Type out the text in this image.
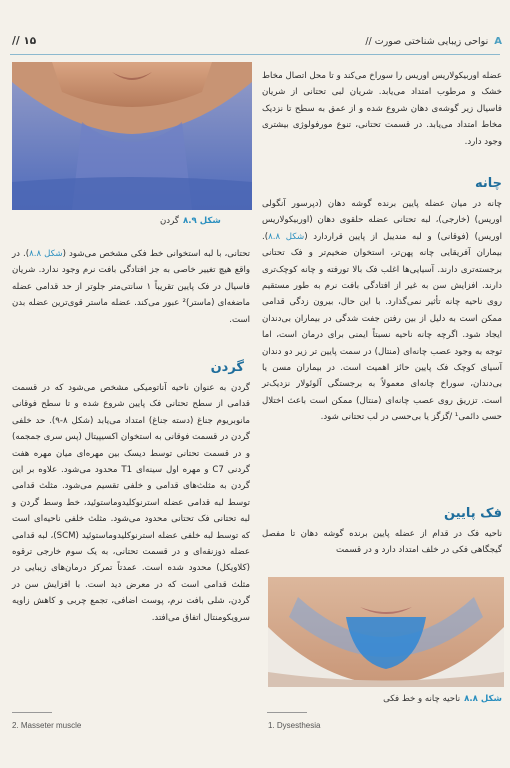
A نواحی زیبایی شناختی صورت //
۱۵ //
شکل ۸.۹گردن

تحتانی، با لبه استخوانی خط فکی مشخص می‌شود (شکل ۸.۸). در واقع هیچ تغییر خاصی به جز افتادگی بافت نرم وجود ندارد. شریان فاسیال در فک پایین تقریباً ۱ سانتی‌متر جلوتر از حد قدامی عضله ماضغه‌ای (ماستر)² عبور می‌کند. عضله ماستر قوی‌ترین عضله بدن است.

گردن

گردن به عنوان ناحیه آناتومیکی مشخص می‌شود که در قسمت قدامی از سطح تحتانی فک پایین شروع شده و تا سطح فوقانی مانوبریوم جناغ (دسته جناغ) امتداد می‌یابد (شکل ۸-۹). حد خلفی گردن در قسمت فوقانی به استخوان اکسیپیتال (پس سری جمجمه) و در قسمت تحتانی توسط دیسک بین مهره‌ای میان مهره هفت گردنی C7 و مهره اول سینه‌ای T1 محدود می‌شود. علاوه بر این گردن به مثلث‌های قدامی و خلفی تقسیم می‌شود. مثلث قدامی توسط لبه قدامی عضله استرنوکلیدوماستوئید، خط وسط گردن و لبه تحتانی فک تحتانی محدود می‌شود. مثلث خلفی ناحیه‌ای است که توسط لبه خلفی عضله استرنوکلیدوماستوئید (SCM)، لبه قدامی عضله ذوزنقه‌ای و در قسمت تحتانی، به یک سوم خارجی ترقوه (کلاویکل) محدود شده است. عمدتاً تمرکز درمان‌های زیبایی در مثلث قدامی است که در معرض دید است. با افزایش سن در گردن، شلی بافت نرم، پوست اضافی، تجمع چربی و کاهش زاویه سرویکومنتال اتفاق می‌افتد.

عضله اوربیکولاریس اوریس را سوراخ می‌کند و تا محل اتصال مخاط خشک و مرطوب امتداد می‌یابد. شریان لبی تحتانی از شریان فاسیال زیر گوشه‌ی دهان شروع شده و از عمق به سطح تا نزدیک مخاط امتداد می‌یابد. در قسمت تحتانی، تنوع مورفولوژی بیشتری وجود دارد.

چانه

چانه در میان عضله پایین برنده گوشه دهان (دپرسور آنگولی اوریس) (خارجی)، لبه تحتانی عضله حلقوی دهان (اوربیکولاریس اوریس) (فوقانی) و لبه مندیبل از پایین قراردارد (شکل ۸.۸). بیماران آفریقایی چانه پهن‌تر، استخوان ضخیم‌تر و فک تحتانی برجسته‌تری دارند. آسیایی‌ها اغلب فک بالا تورفته و چانه کوچک‌تری دارند. افزایش سن به غیر از افتادگی بافت نرم به طور مستقیم روی ناحیه چانه تأثیر نمی‌گذارد. با این حال، بیرون زدگی قدامی ممکن است به دلیل از بین رفتن جفت شدگی در بیماران بی‌دندان ایجاد شود. اگرچه چانه ناحیه نسبتاً ایمنی برای درمان است، اما توجه به وجود عصب چانه‌ای (منتال) در سمت پایین تر زیر دو دندان آسیای کوچک فک پایین حائز اهمیت است. در بیماران مسن یا بی‌دندان، سوراخ چانه‌ای معمولاً به برجستگی آلوئولار نزدیک‌تر است. تزریق روی عصب چانه‌ای (منتال) ممکن است باعث اختلال حسی دائمی¹ /گزگز یا بی‌حسی در لب تحتانی شود.

فک پایین

ناحیه فک در قدام از عضله پایین برنده گوشه دهان تا مفصل گیجگاهی فکی در خلف امتداد دارد و در قسمت

شکل ۸.۸ناحیه چانه و خط فکی
1. Dysesthesia
2. Masseter muscle
